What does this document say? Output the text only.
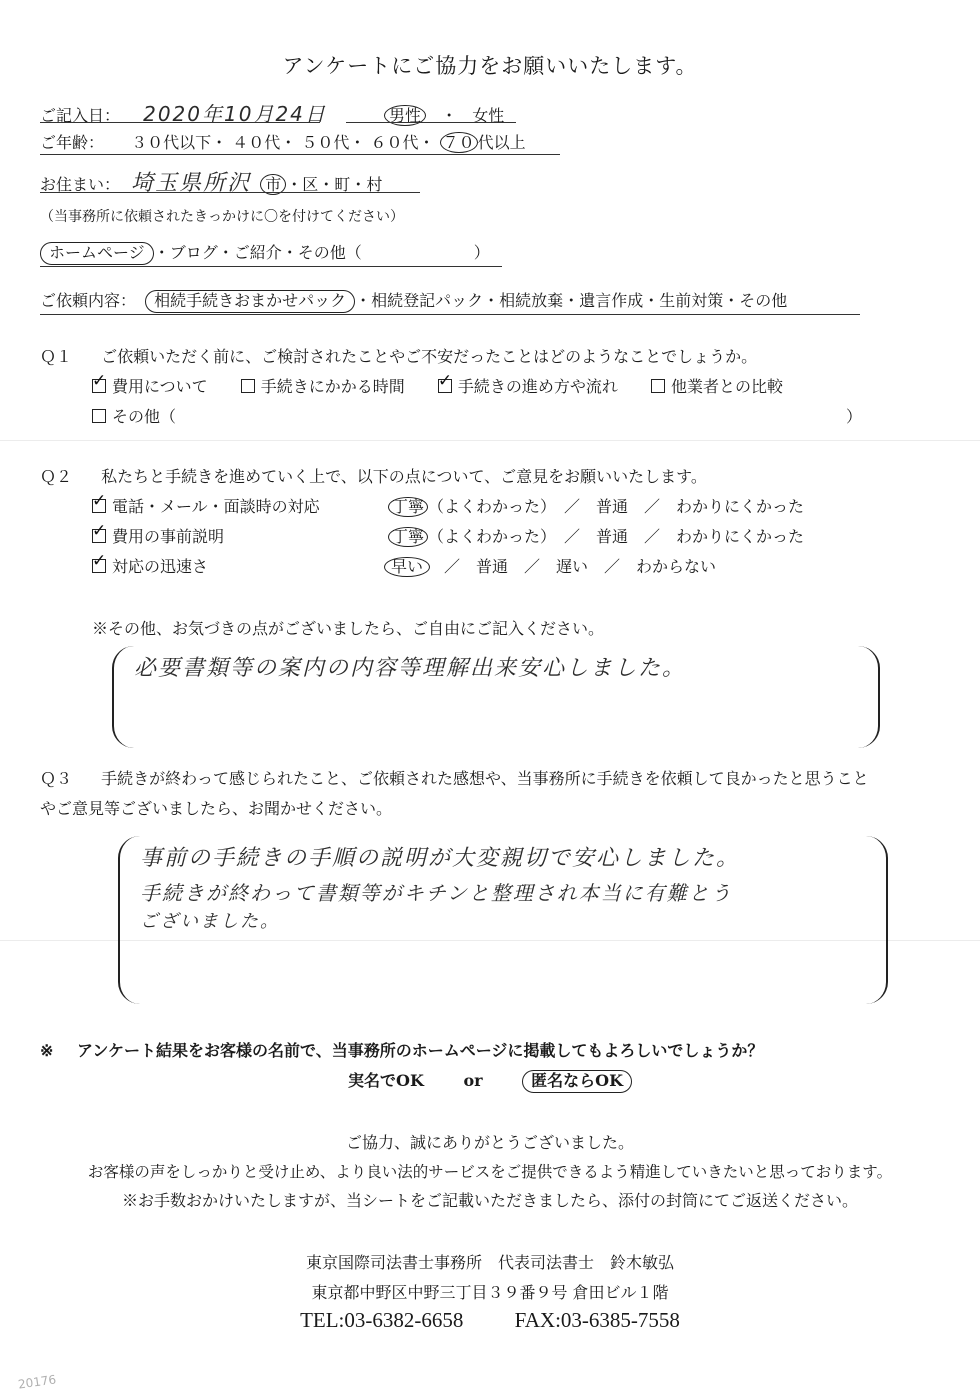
アンケートにご協力をお願いいたします。
ご記入日： 2020年10月24日	男性 ・ 女性
ご年齢： ３０代以下・ ４０代・ ５０代・ ６０代・ ７０ 代以上
お住まい： 埼玉県所沢 市 ・区・町・村
（当事務所に依頼されたきっかけに〇を付けてください）
ホームページ ・ブログ・ご紹介・その他（　　　　　　　）
ご依頼内容： 相続手続きおまかせパック ・相続登記パック・相続放棄・遺言作成・生前対策・その他
Ｑ１ ご依頼いただく前に、ご検討されたことやご不安だったことはどのようなことでしょうか。
✓費用について	手続きにかかる時間 ✓	手続きの進め方や流れ	他業者との比較
その他（	）
Ｑ２ 私たちと手続きを進めていく上で、以下の点について、ご意見をお願いいたします。
✓電話・メール・面談時の対応	丁寧 （よくわかった）　／　普通　／　わかりにくかった
✓費用の事前説明	丁寧 （よくわかった）　／　普通　／　わかりにくかった
✓対応の迅速さ	早い ／　普通　／　遅い　／　わからない
※その他、お気づきの点がございましたら、ご自由にご記入ください。
必要書類等の案内の内容等理解出来安心しました。
Ｑ３ 手続きが終わって感じられたこと、ご依頼された感想や、当事務所に手続きを依頼して良かったと思うこと
やご意見等ございましたら、お聞かせください。
事前の手続きの手順の説明が大変親切で安心しました。
手続きが終わって書類等がキチンと整理され本当に有難とう
ございました。
※ アンケート結果をお客様の名前で、当事務所のホームページに掲載してもよろしいでしょうか？
実名でOK or	匿名ならOK
ご協力、誠にありがとうございました。
お客様の声をしっかりと受け止め、より良い法的サービスをご提供できるよう精進していきたいと思っております。
※お手数おかけいたしますが、当シートをご記載いただきましたら、添付の封筒にてご返送ください。
東京国際司法書士事務所　代表司法書士　鈴木敏弘
東京都中野区中野三丁目３９番９号 倉田ビル１階
TEL:03-6382-6658 FAX:03-6385-7558
20176
